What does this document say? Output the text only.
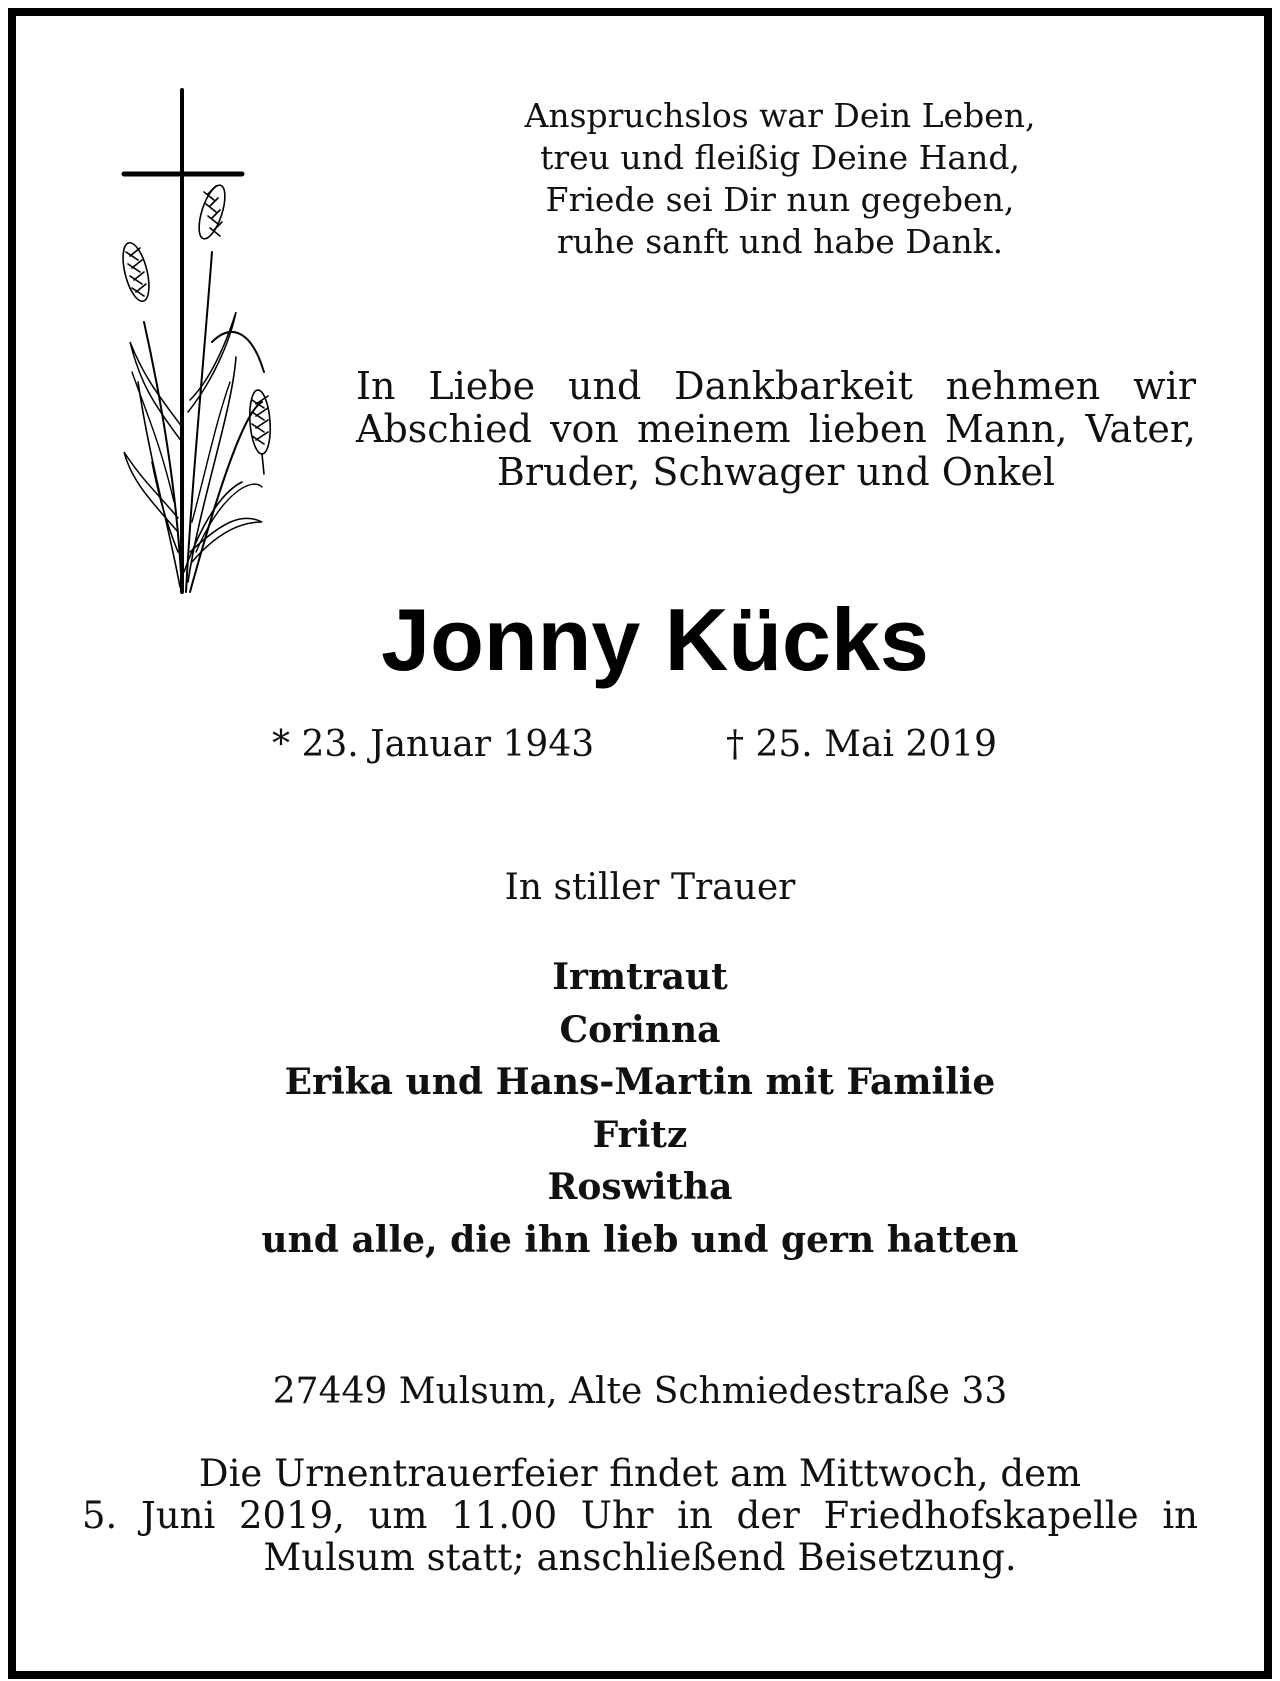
Anspruchslos war Dein Leben,
treu und fleißig Deine Hand,
Friede sei Dir nun gegeben,
ruhe sanft und habe Dank.
In Liebe und Dankbarkeit nehmen wir
Abschied von meinem lieben Mann, Vater,
Bruder, Schwager und Onkel
Jonny Kücks
* 23. Januar 1943	† 25. Mai 2019
In stiller Trauer
Irmtraut
Corinna
Erika und Hans-Martin mit Familie
Fritz
Roswitha
und alle, die ihn lieb und gern hatten
27449 Mulsum, Alte Schmiedestraße 33
Die Urnentrauerfeier findet am Mittwoch, dem
5. Juni 2019, um 11.00 Uhr in der Friedhofskapelle in
Mulsum statt; anschließend Beisetzung.
